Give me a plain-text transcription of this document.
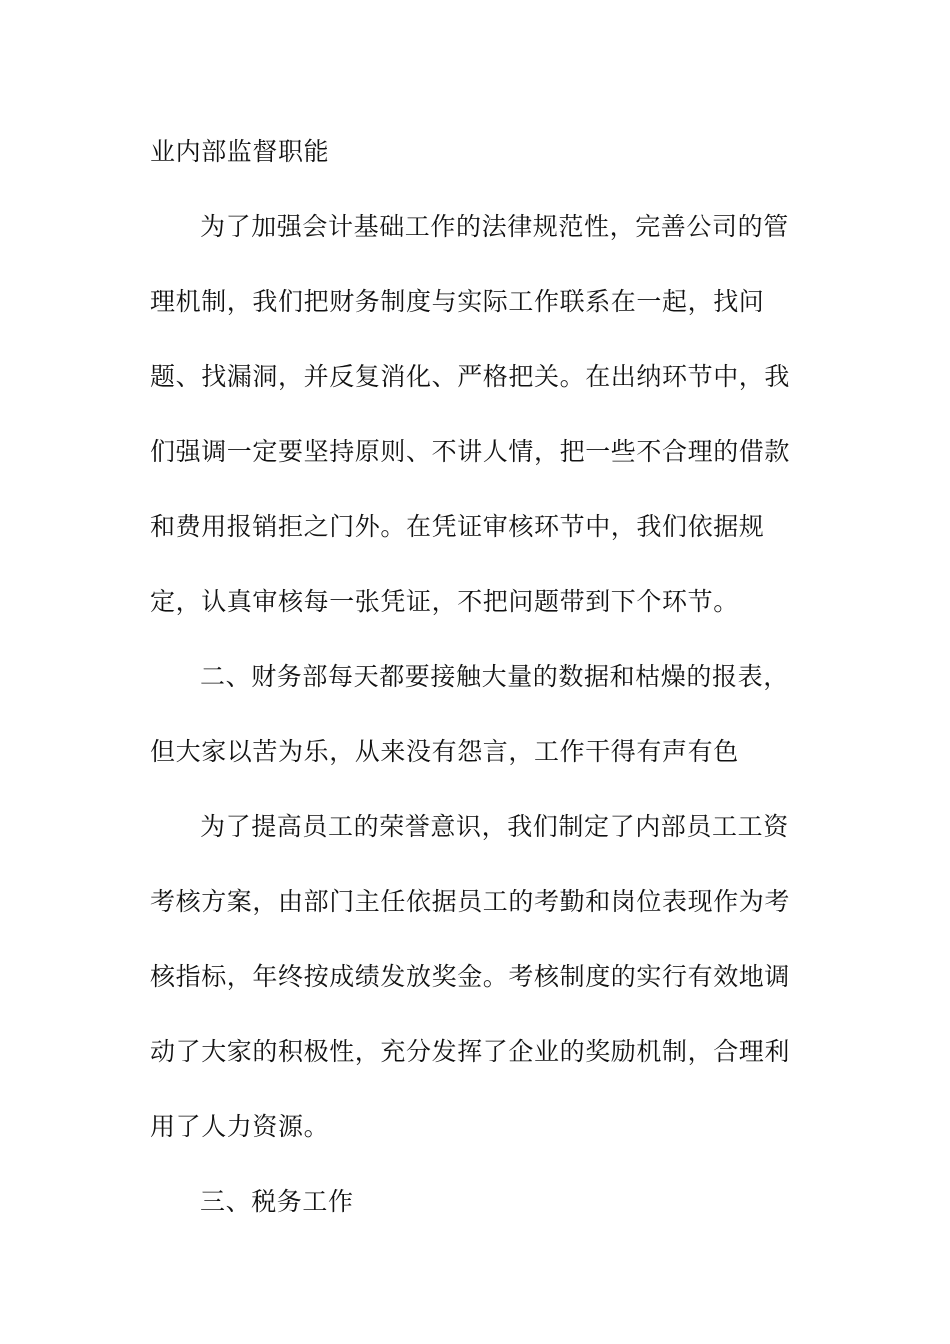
业内部监督职能

为了加强会计基础工作的法律规范性，完善公司的管

理机制，我们把财务制度与实际工作联系在一起，找问

题、找漏洞，并反复消化、严格把关。在出纳环节中，我

们强调一定要坚持原则、不讲人情，把一些不合理的借款

和费用报销拒之门外。在凭证审核环节中，我们依据规

定，认真审核每一张凭证，不把问题带到下个环节。

二、财务部每天都要接触大量的数据和枯燥的报表，

但大家以苦为乐，从来没有怨言，工作干得有声有色

为了提高员工的荣誉意识，我们制定了内部员工工资

考核方案，由部门主任依据员工的考勤和岗位表现作为考

核指标，年终按成绩发放奖金。考核制度的实行有效地调

动了大家的积极性，充分发挥了企业的奖励机制，合理利

用了人力资源。

三、税务工作
